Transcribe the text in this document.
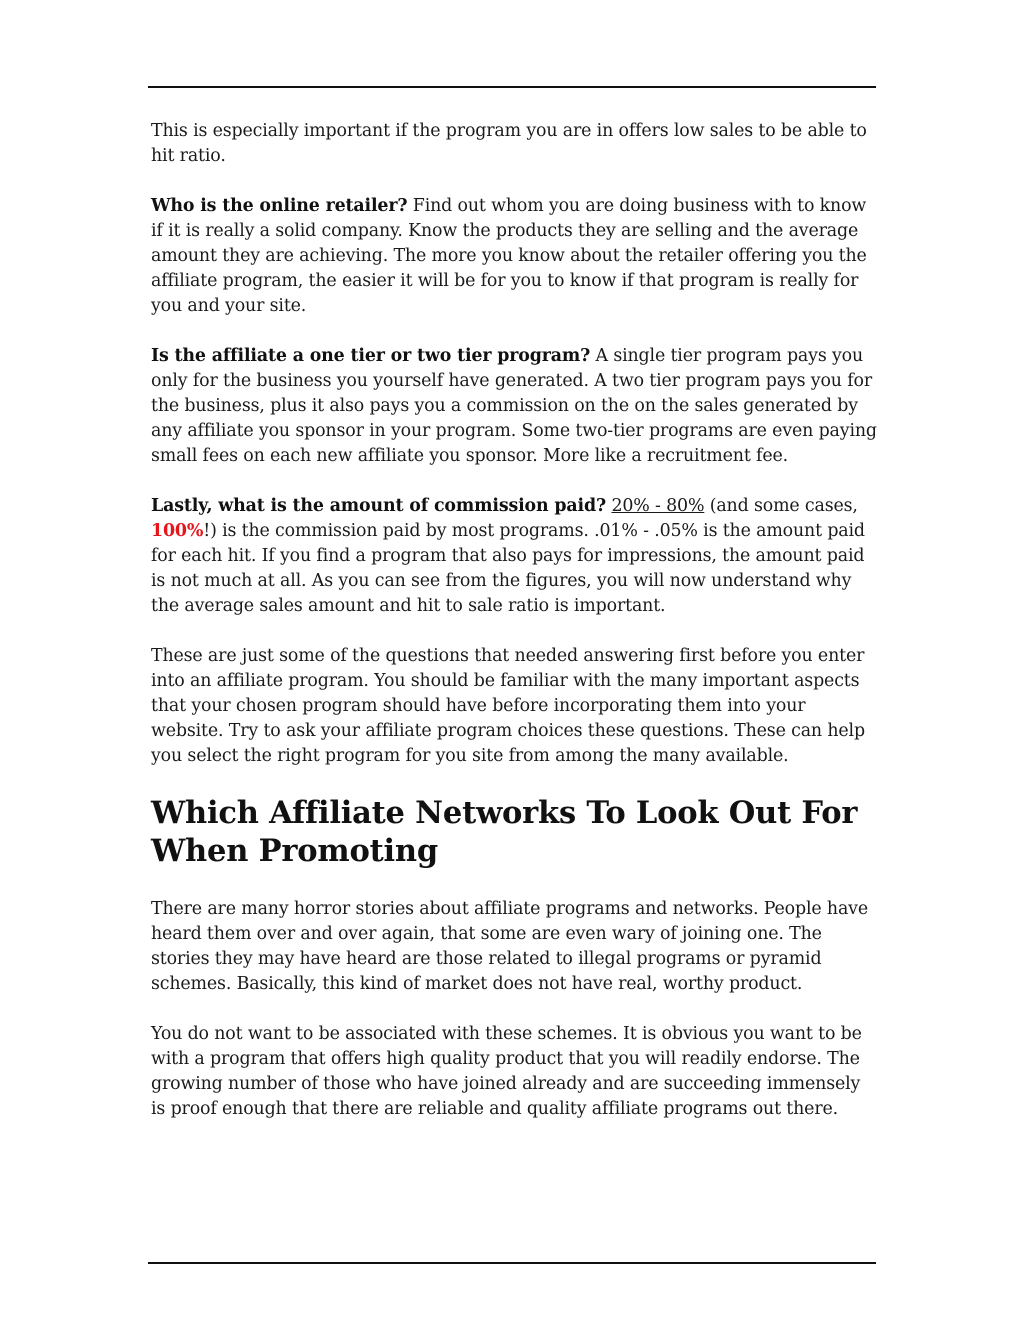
This is especially important if the program you are in offers low sales to be able to hit ratio.

Who is the online retailer? Find out whom you are doing business with to know if it is really a solid company. Know the products they are selling and the average amount they are achieving. The more you know about the retailer offering you the affiliate program, the easier it will be for you to know if that program is really for you and your site.

Is the affiliate a one tier or two tier program? A single tier program pays you only for the business you yourself have generated. A two tier program pays you for the business, plus it also pays you a commission on the on the sales generated by any affiliate you sponsor in your program. Some two-tier programs are even paying small fees on each new affiliate you sponsor. More like a recruitment fee.

Lastly, what is the amount of commission paid? 20% - 80% (and some cases, 100%!) is the commission paid by most programs. .01% - .05% is the amount paid for each hit. If you find a program that also pays for impressions, the amount paid is not much at all. As you can see from the figures, you will now understand why the average sales amount and hit to sale ratio is important.

These are just some of the questions that needed answering first before you enter into an affiliate program. You should be familiar with the many important aspects that your chosen program should have before incorporating them into your website. Try to ask your affiliate program choices these questions. These can help you select the right program for you site from among the many available.

Which Affiliate Networks To Look Out For When Promoting

There are many horror stories about affiliate programs and networks. People have heard them over and over again, that some are even wary of joining one. The stories they may have heard are those related to illegal programs or pyramid schemes. Basically, this kind of market does not have real, worthy product.

You do not want to be associated with these schemes. It is obvious you want to be with a program that offers high quality product that you will readily endorse. The growing number of those who have joined already and are succeeding immensely is proof enough that there are reliable and quality affiliate programs out there.
